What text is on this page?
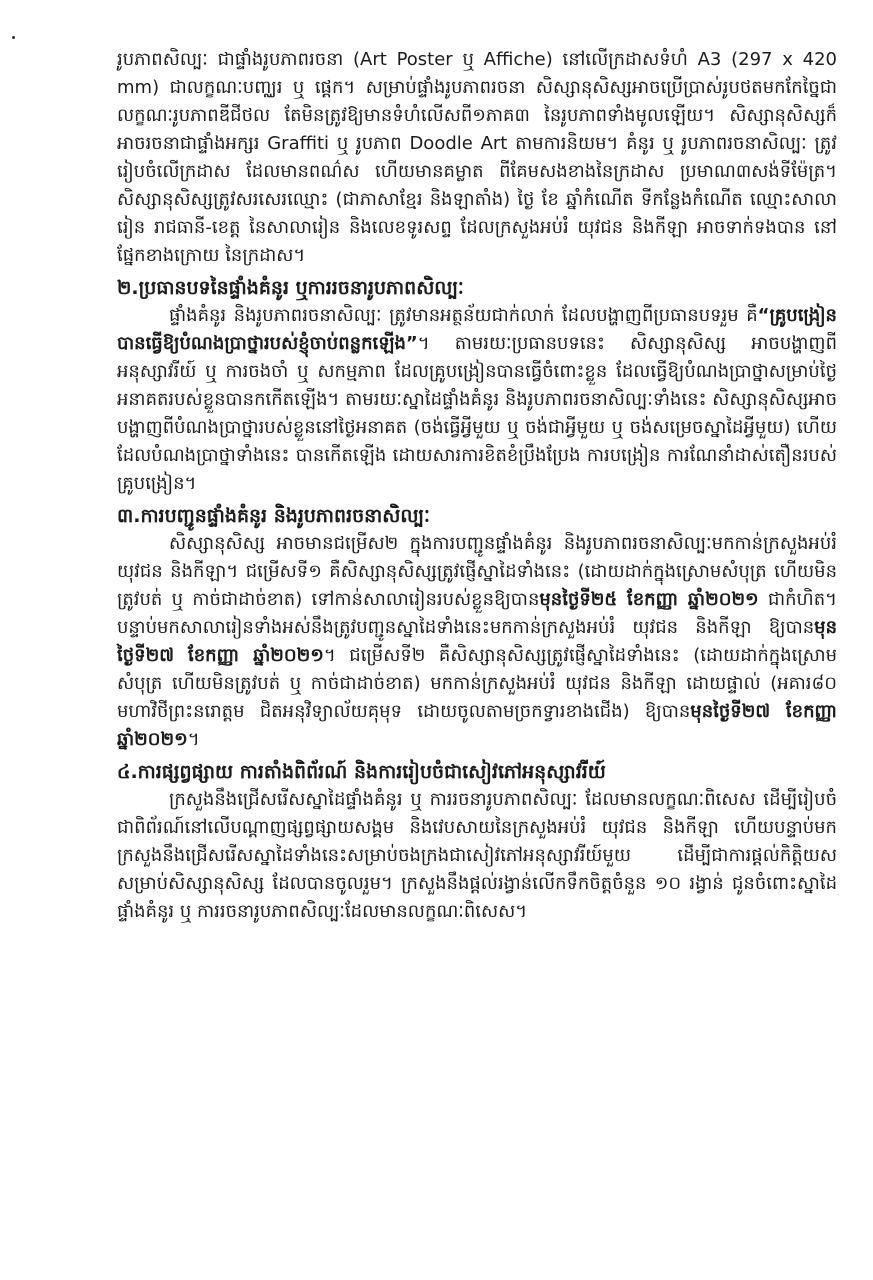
រូបភាពសិល្បៈ ជាផ្ទាំងរូបភាពរចនា (Art Poster ឬ Affiche) នៅលើក្រដាសទំហំ A3 (297 x 420 mm) ជាលក្ខណៈបញ្ឈរ ឬ ផ្ដេក។ សម្រាប់ផ្ទាំងរូបភាពរចនា សិស្សានុសិស្សអាចប្រើប្រាស់រូបថតមកកែច្នៃជាលក្ខណៈរូបភាពឌីជីថល តែមិនត្រូវឱ្យមានទំហំលើសពី១ភាគ៣ នៃរូបភាពទាំងមូលឡើយ។ សិស្សានុសិស្សក៏អាចរចនាជាផ្ទាំងអក្សរ Graffiti ឬ រូបភាព Doodle Art តាមការនិយម។ គំនូរ ឬ រូបភាពរចនាសិល្បៈ ត្រូវរៀបចំលើក្រដាស ដែលមានពណ៌ស ហើយមានគម្លាត ពីគែមសងខាងនៃក្រដាស ប្រមាណ៣សង់ទីម៉ែត្រ។ សិស្សានុសិស្សត្រូវសរសេរឈ្មោះ (ជាភាសាខ្មែរ និងឡាតាំង) ថ្ងៃ ខែ ឆ្នាំកំណើត ទីកន្លែងកំណើត ឈ្មោះសាលារៀន រាជធានី-ខេត្ត នៃសាលារៀន និងលេខទូរសព្ទ ដែលក្រសួងអប់រំ យុវជន និងកីឡា អាចទាក់ទងបាន នៅផ្នែកខាងក្រោយ នៃក្រដាស។

២.ប្រធានបទនៃផ្ទាំងគំនូរ ឬការរចនារូបភាពសិល្បៈ

ផ្ទាំងគំនូរ និងរូបភាពរចនាសិល្បៈ ត្រូវមានអត្ថន័យជាក់លាក់ ដែលបង្ហាញពីប្រធានបទរួម គឺ“គ្រូបង្រៀនបានធ្វើឱ្យបំណងប្រាថ្នារបស់ខ្ញុំចាប់ពន្លកឡើង”។ តាមរយៈប្រធានបទនេះ សិស្សានុសិស្ស អាចបង្ហាញពីអនុស្សាវរីយ៍ ឬ ការចងចាំ ឬ សកម្មភាព ដែលគ្រូបង្រៀនបានធ្វើចំពោះខ្លួន ដែលធ្វើឱ្យបំណងប្រាថ្នាសម្រាប់ថ្ងៃអនាគតរបស់ខ្លួនបានកកើតឡើង។ តាមរយៈស្នាដៃផ្ទាំងគំនូរ និងរូបភាពរចនាសិល្បៈទាំងនេះ សិស្សានុសិស្សអាច បង្ហាញពីបំណងប្រាថ្នារបស់ខ្លួននៅថ្ងៃអនាគត (ចង់ធ្វើអ្វីមួយ ឬ ចង់ជាអ្វីមួយ ឬ ចង់សម្រេចស្នាដៃអ្វីមួយ) ហើយដែលបំណងប្រាថ្នាទាំងនេះ បានកើតឡើង ដោយសារការខិតខំប្រឹងប្រែង ការបង្រៀន ការណែនាំដាស់តឿនរបស់គ្រូបង្រៀន។

៣.ការបញ្ជូនផ្ទាំងគំនូរ និងរូបភាពរចនាសិល្បៈ

សិស្សានុសិស្ស អាចមានជម្រើស២ ក្នុងការបញ្ជូនផ្ទាំងគំនូរ និងរូបភាពរចនាសិល្បៈមកកាន់ក្រសួងអប់រំ យុវជន និងកីឡា។ ជម្រើសទី១ គឺសិស្សានុសិស្សត្រូវផ្ញើស្នាដៃទាំងនេះ (ដោយដាក់ក្នុងស្រោមសំបុត្រ ហើយមិនត្រូវបត់ ឬ កាច់ជាដាច់ខាត) ទៅកាន់សាលារៀនរបស់ខ្លួនឱ្យបានមុនថ្ងៃទី២៥ ខែកញ្ញា ឆ្នាំ២០២១ ជាកំហិត។ បន្ទាប់មកសាលារៀនទាំងអស់នឹងត្រូវបញ្ជូនស្នាដៃទាំងនេះមកកាន់ក្រសួងអប់រំ យុវជន និងកីឡា ឱ្យបានមុនថ្ងៃទី២៧ ខែកញ្ញា ឆ្នាំ២០២១។ ជម្រើសទី២ គឺសិស្សានុសិស្សត្រូវផ្ញើស្នាដៃទាំងនេះ (ដោយដាក់ក្នុងស្រោមសំបុត្រ ហើយមិនត្រូវបត់ ឬ កាច់ជាដាច់ខាត) មកកាន់ក្រសួងអប់រំ យុវជន និងកីឡា ដោយផ្ទាល់ (អគារ៨០ មហាវិថីព្រះនរោត្តម ជិតអនុវិទ្យាល័យគុមុទ ដោយចូលតាមច្រកទ្វារខាងជើង) ឱ្យបានមុនថ្ងៃទី២៧ ខែកញ្ញា ឆ្នាំ២០២១។

៤.ការផ្សព្វផ្សាយ ការតាំងពិព័រណ៍ និងការរៀបចំជាសៀវភៅអនុស្សាវរីយ៍

ក្រសួងនឹងជ្រើសរើសស្នាដៃផ្ទាំងគំនូរ ឬ ការរចនារូបភាពសិល្បៈ ដែលមានលក្ខណៈពិសេស ដើម្បីរៀបចំជាពិព័រណ៍នៅលើបណ្ដាញផ្សព្វផ្សាយសង្គម និងវេបសាយនៃក្រសួងអប់រំ យុវជន និងកីឡា ហើយបន្ទាប់មកក្រសួងនឹងជ្រើសរើសស្នាដៃទាំងនេះសម្រាប់ចងក្រងជាសៀវភៅអនុស្សាវរីយ៍មួយ ដើម្បីជាការផ្ដល់កិត្តិយសសម្រាប់សិស្សានុសិស្ស ដែលបានចូលរួម។ ក្រសួងនឹងផ្ដល់រង្វាន់លើកទឹកចិត្តចំនួន ១០ រង្វាន់ ជូនចំពោះស្នាដៃផ្ទាំងគំនូរ ឬ ការរចនារូបភាពសិល្បៈដែលមានលក្ខណៈពិសេស។
